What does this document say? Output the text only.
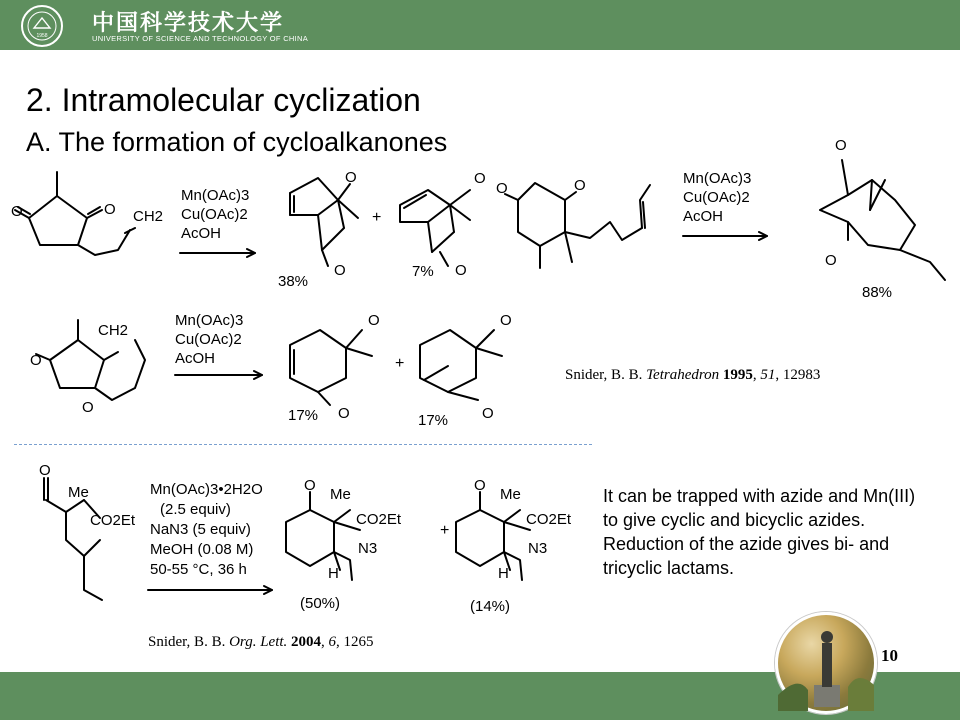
1958 中国科学技术大学
UNIVERSITY OF SCIENCE AND TECHNOLOGY OF CHINA
2. Intramolecular cyclization
A. The formation of cycloalkanones
O	O CH2
Mn(OAc)3
Cu(OAc)2
AcOH
O
O
38%
+
O
O
7%
O	O	Mn(OAc)3
Cu(OAc)2
AcOH
O
O
88%
O
O
CH2
Mn(OAc)3
Cu(OAc)2
AcOH
O
O
17%
+
O
O
17%
O
Me
CO2Et
Mn(OAc)3•2H2O
(2.5 equiv)
NaN3 (5 equiv)
MeOH (0.08 M)
50-55 °C, 36 h
O
Me
CO2Et
N3
H
(50%)
+
O
Me
CO2Et
N3
H
(14%)
Snider, B. B. Tetrahedron 1995, 51, 12983
It can be trapped with azide and Mn(III) to give cyclic and bicyclic azides. Reduction of the azide gives bi- and tricyclic lactams.
Snider, B. B. Org. Lett. 2004, 6, 1265
10
